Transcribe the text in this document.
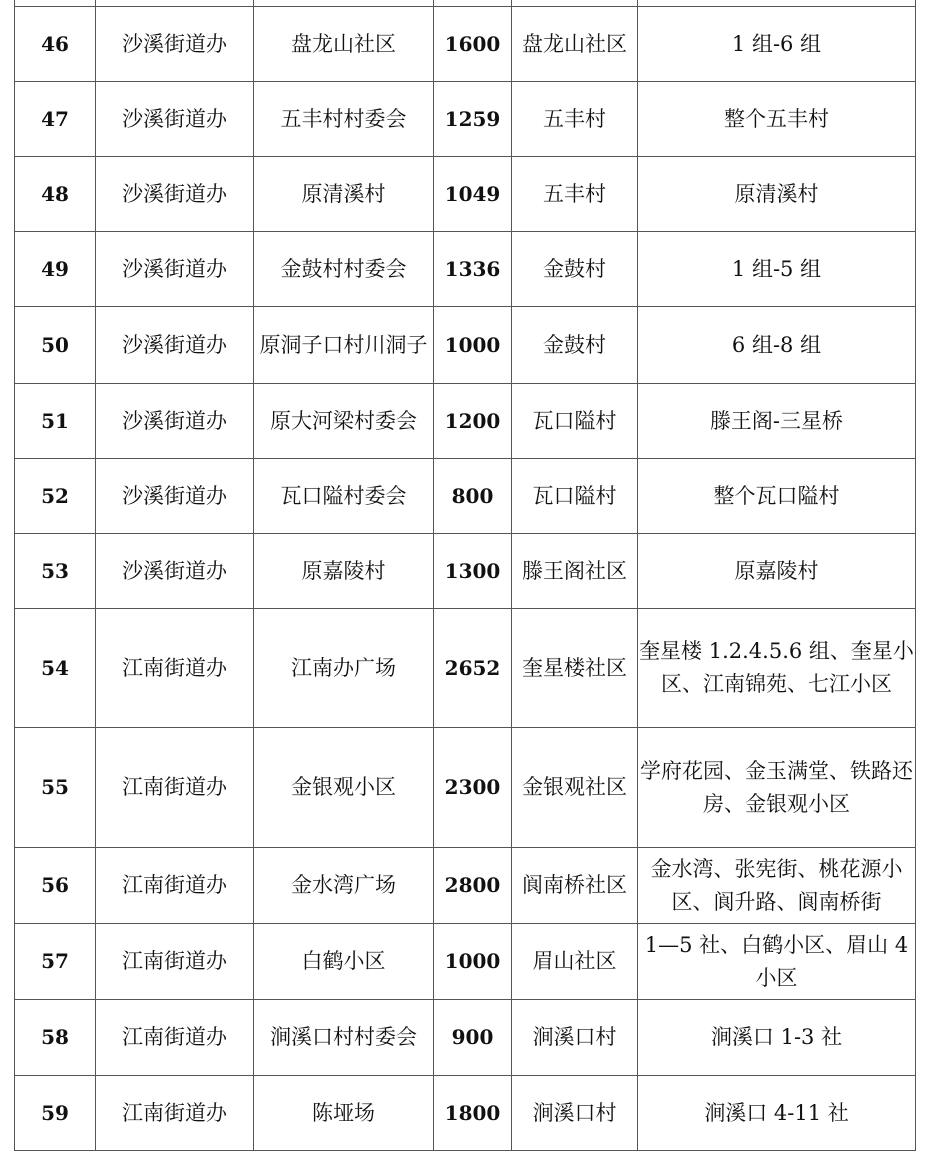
46	沙溪街道办	盘龙山社区	1600	盘龙山社区	1 组-6 组
47	沙溪街道办	五丰村村委会	1259	五丰村	整个五丰村
48	沙溪街道办	原清溪村	1049	五丰村	原清溪村
49	沙溪街道办	金鼓村村委会	1336	金鼓村	1 组-5 组
50	沙溪街道办	原洞子口村川洞子	1000	金鼓村	6 组-8 组
51	沙溪街道办	原大河梁村委会	1200	瓦口隘村	滕王阁-三星桥
52	沙溪街道办	瓦口隘村委会	800	瓦口隘村	整个瓦口隘村
53	沙溪街道办	原嘉陵村	1300	滕王阁社区	原嘉陵村
54	江南街道办	江南办广场	2652	奎星楼社区	奎星楼 1.2.4.5.6 组、奎星小区、江南锦苑、七江小区
55	江南街道办	金银观小区	2300	金银观社区	学府花园、金玉满堂、铁路还房、金银观小区
56	江南街道办	金水湾广场	2800	阆南桥社区	金水湾、张宪街、桃花源小区、阆升路、阆南桥街
57	江南街道办	白鹤小区	1000	眉山社区	1—5 社、白鹤小区、眉山 4 小区
58	江南街道办	涧溪口村村委会	900	涧溪口村	涧溪口 1-3 社
59	江南街道办	陈垭场	1800	涧溪口村	涧溪口 4-11 社
